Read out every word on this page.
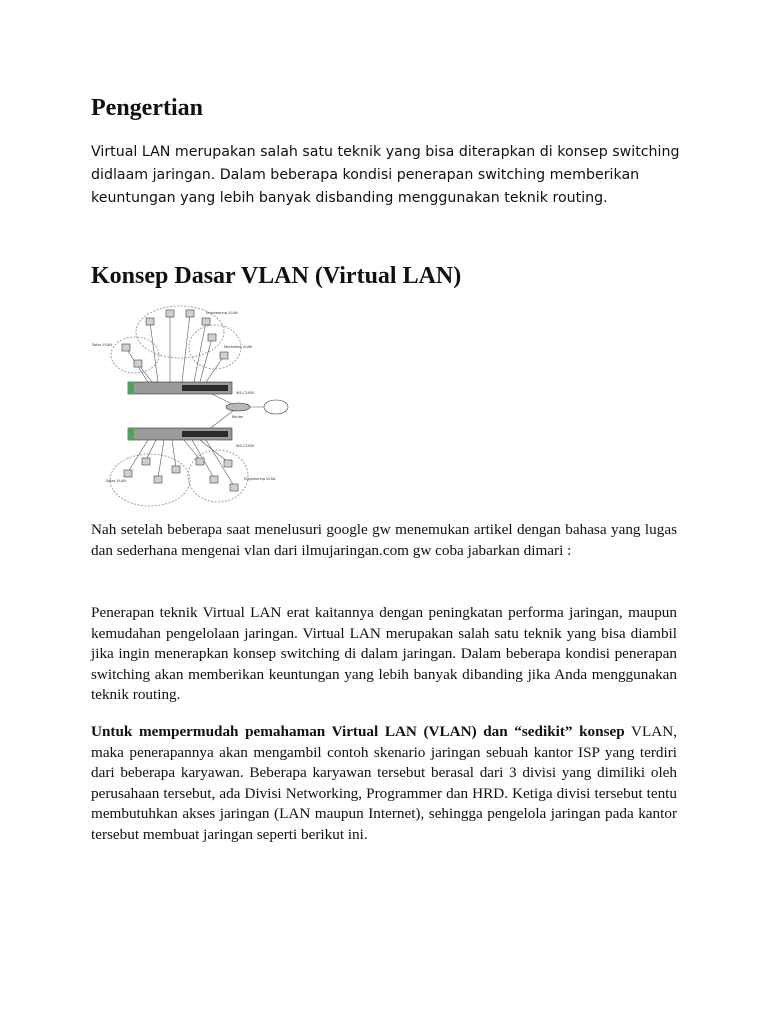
Pengertian

Virtual LAN merupakan salah satu teknik yang bisa diterapkan di konsep switching didlaam jaringan. Dalam beberapa kondisi penerapan switching memberikan keuntungan yang lebih banyak disbanding menggunakan teknik routing.

Konsep Dasar VLAN (Virtual LAN)
WS-C2950
Router
WS-C2950
Engineering VLAN
Sales VLAN	Marketing VLAN
Sales VLAN	Engineering VLAN

Nah setelah beberapa saat menelusuri google gw menemukan artikel dengan bahasa yang lugas dan sederhana mengenai vlan dari ilmujaringan.com gw coba jabarkan dimari :

Penerapan teknik Virtual LAN erat kaitannya dengan peningkatan performa jaringan, maupun kemudahan pengelolaan jaringan. Virtual LAN merupakan salah satu teknik yang bisa diambil jika ingin menerapkan konsep switching di dalam jaringan. Dalam beberapa kondisi penerapan switching akan memberikan keuntungan yang lebih banyak dibanding jika Anda menggunakan teknik routing.

Untuk mempermudah pemahaman Virtual LAN (VLAN) dan “sedikit” konsep VLAN, maka penerapannya akan mengambil contoh skenario jaringan sebuah kantor ISP yang terdiri dari beberapa karyawan. Beberapa karyawan tersebut berasal dari 3 divisi yang dimiliki oleh perusahaan tersebut, ada Divisi Networking, Programmer dan HRD. Ketiga divisi tersebut tentu membutuhkan akses jaringan (LAN maupun Internet), sehingga pengelola jaringan pada kantor tersebut membuat jaringan seperti berikut ini.
